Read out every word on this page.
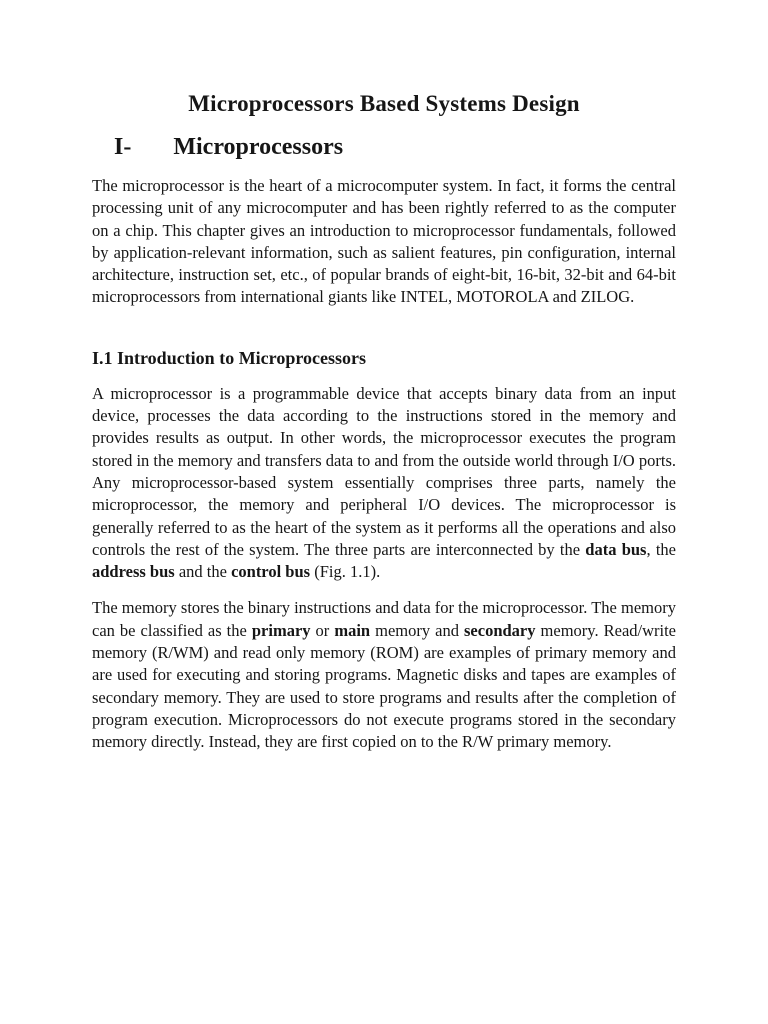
Microprocessors Based Systems Design
I- Microprocessors

The microprocessor is the heart of a microcomputer system. In fact, it forms the central processing unit of any microcomputer and has been rightly referred to as the computer on a chip. This chapter gives an introduction to microprocessor fundamentals, followed by application-relevant information, such as salient features, pin configuration, internal architecture, instruction set, etc., of popular brands of eight-bit, 16-bit, 32-bit and 64-bit microprocessors from international giants like INTEL, MOTOROLA and ZILOG.

I.1 Introduction to Microprocessors

A microprocessor is a programmable device that accepts binary data from an input device, processes the data according to the instructions stored in the memory and provides results as output. In other words, the microprocessor executes the program stored in the memory and transfers data to and from the outside world through I/O ports. Any microprocessor-based system essentially comprises three parts, namely the microprocessor, the memory and peripheral I/O devices. The microprocessor is generally referred to as the heart of the system as it performs all the operations and also controls the rest of the system. The three parts are interconnected by the data bus, the address bus and the control bus (Fig. 1.1).

The memory stores the binary instructions and data for the microprocessor. The memory can be classified as the primary or main memory and secondary memory. Read/write memory (R/WM) and read only memory (ROM) are examples of primary memory and are used for executing and storing programs. Magnetic disks and tapes are examples of secondary memory. They are used to store programs and results after the completion of program execution. Microprocessors do not execute programs stored in the secondary memory directly. Instead, they are first copied on to the R/W primary memory.
